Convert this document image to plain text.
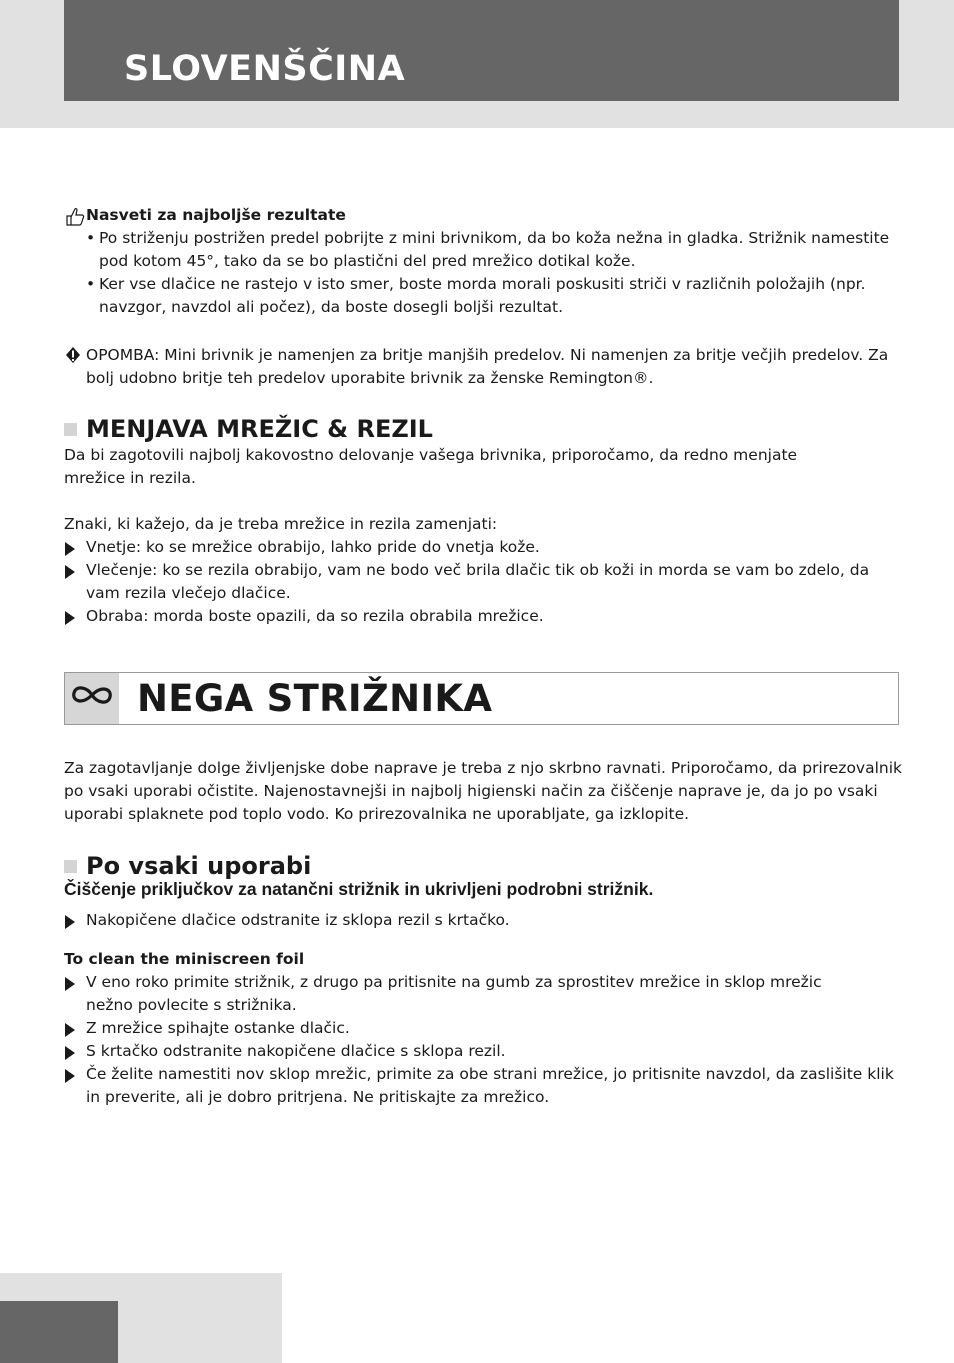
SLOVENŠČINA
Nasveti za najboljše rezultate
• Po striženju postrižen predel pobrijte z mini brivnikom, da bo koža nežna in gladka. Strižnik namestite pod kotom 45°, tako da se bo plastični del pred mrežico dotikal kože.
• Ker vse dlačice ne rastejo v isto smer, boste morda morali poskusiti striči v različnih položajih (npr. navzgor, navzdol ali počez), da boste dosegli boljši rezultat.

OPOMBA: Mini brivnik je namenjen za britje manjših predelov. Ni namenjen za britje večjih predelov. Za bolj udobno britje teh predelov uporabite brivnik za ženske Remington®.

MENJAVA MREŽIC & REZIL

Da bi zagotovili najbolj kakovostno delovanje vašega brivnika, priporočamo, da redno menjate mrežice in rezila.

Znaki, ki kažejo, da je treba mrežice in rezila zamenjati:

Vnetje: ko se mrežice obrabijo, lahko pride do vnetja kože.
Vlečenje: ko se rezila obrabijo, vam ne bodo več brila dlačic tik ob koži in morda se vam bo zdelo, da vam rezila vlečejo dlačice.
Obraba: morda boste opazili, da so rezila obrabila mrežice.
NEGA STRIŽNIKA

Za zagotavljanje dolge življenjske dobe naprave je treba z njo skrbno ravnati. Priporočamo, da prirezovalnik po vsaki uporabi očistite. Najenostavnejši in najbolj higienski način za čiščenje naprave je, da jo po vsaki uporabi splaknete pod toplo vodo. Ko prirezovalnika ne uporabljate, ga izklopite.

Po vsaki uporabi

Čiščenje priključkov za natančni strižnik in ukrivljeni podrobni strižnik.

Nakopičene dlačice odstranite iz sklopa rezil s krtačko.

To clean the miniscreen foil

V eno roko primite strižnik, z drugo pa pritisnite na gumb za sprostitev mrežice in sklop mrežic nežno povlecite s strižnika.
Z mrežice spihajte ostanke dlačic.
S krtačko odstranite nakopičene dlačice s sklopa rezil.
Če želite namestiti nov sklop mrežic, primite za obe strani mrežice, jo pritisnite navzdol, da zaslišite klik in preverite, ali je dobro pritrjena. Ne pritiskajte za mrežico.
